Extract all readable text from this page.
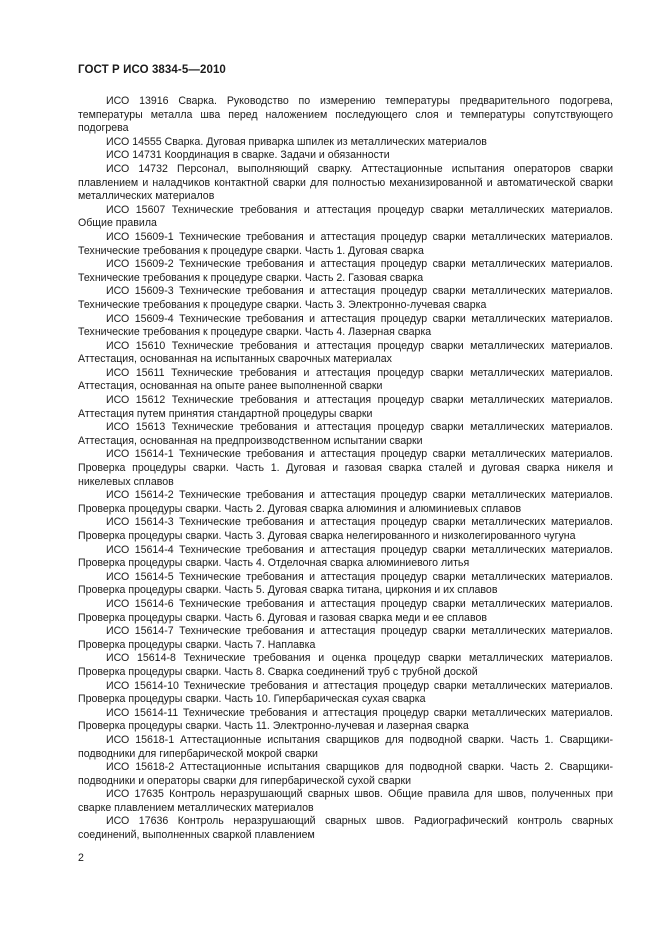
ГОСТ Р ИСО 3834-5—2010

ИСО 13916 Сварка. Руководство по измерению температуры предварительного подогрева, температуры металла шва перед наложением последующего слоя и температуры сопутствующего подогрева

ИСО 14555 Сварка. Дуговая приварка шпилек из металлических материалов

ИСО 14731 Координация в сварке. Задачи и обязанности

ИСО 14732 Персонал, выполняющий сварку. Аттестационные испытания операторов сварки плавлением и наладчиков контактной сварки для полностью механизированной и автоматической сварки металлических материалов

ИСО 15607 Технические требования и аттестация процедур сварки металлических материалов. Общие правила

ИСО 15609-1 Технические требования и аттестация процедур сварки металлических материалов. Технические требования к процедуре сварки. Часть 1. Дуговая сварка

ИСО 15609-2 Технические требования и аттестация процедур сварки металлических материалов. Технические требования к процедуре сварки. Часть 2. Газовая сварка

ИСО 15609-3 Технические требования и аттестация процедур сварки металлических материалов. Технические требования к процедуре сварки. Часть 3. Электронно-лучевая сварка

ИСО 15609-4 Технические требования и аттестация процедур сварки металлических материалов. Технические требования к процедуре сварки. Часть 4. Лазерная сварка

ИСО 15610 Технические требования и аттестация процедур сварки металлических материалов. Аттестация, основанная на испытанных сварочных материалах

ИСО 15611 Технические требования и аттестация процедур сварки металлических материалов. Аттестация, основанная на опыте ранее выполненной сварки

ИСО 15612 Технические требования и аттестация процедур сварки металлических материалов. Аттестация путем принятия стандартной процедуры сварки

ИСО 15613 Технические требования и аттестация процедур сварки металлических материалов. Аттестация, основанная на предпроизводственном испытании сварки

ИСО 15614-1 Технические требования и аттестация процедур сварки металлических материалов. Проверка процедуры сварки. Часть 1. Дуговая и газовая сварка сталей и дуговая сварка никеля и никелевых сплавов

ИСО 15614-2 Технические требования и аттестация процедур сварки металлических материалов. Проверка процедуры сварки. Часть 2. Дуговая сварка алюминия и алюминиевых сплавов

ИСО 15614-3 Технические требования и аттестация процедур сварки металлических материалов. Проверка процедуры сварки. Часть 3. Дуговая сварка нелегированного и низколегированного чугуна

ИСО 15614-4 Технические требования и аттестация процедур сварки металлических материалов. Проверка процедуры сварки. Часть 4. Отделочная сварка алюминиевого литья

ИСО 15614-5 Технические требования и аттестация процедур сварки металлических материалов. Проверка процедуры сварки. Часть 5. Дуговая сварка титана, циркония и их сплавов

ИСО 15614-6 Технические требования и аттестация процедур сварки металлических материалов. Проверка процедуры сварки. Часть 6. Дуговая и газовая сварка меди и ее сплавов

ИСО 15614-7 Технические требования и аттестация процедур сварки металлических материалов. Проверка процедуры сварки. Часть 7. Наплавка

ИСО 15614-8 Технические требования и оценка процедур сварки металлических материалов. Проверка процедуры сварки. Часть 8. Сварка соединений труб с трубной доской

ИСО 15614-10 Технические требования и аттестация процедур сварки металлических материалов. Проверка процедуры сварки. Часть 10. Гипербарическая сухая сварка

ИСО 15614-11 Технические требования и аттестация процедур сварки металлических материалов. Проверка процедуры сварки. Часть 11. Электронно-лучевая и лазерная сварка

ИСО 15618-1 Аттестационные испытания сварщиков для подводной сварки. Часть 1. Сварщики-подводники для гипербарической мокрой сварки

ИСО 15618-2 Аттестационные испытания сварщиков для подводной сварки. Часть 2. Сварщики-подводники и операторы сварки для гипербарической сухой сварки

ИСО 17635 Контроль неразрушающий сварных швов. Общие правила для швов, полученных при сварке плавлением металлических материалов

ИСО 17636 Контроль неразрушающий сварных швов. Радиографический контроль сварных соединений, выполненных сваркой плавлением

2
